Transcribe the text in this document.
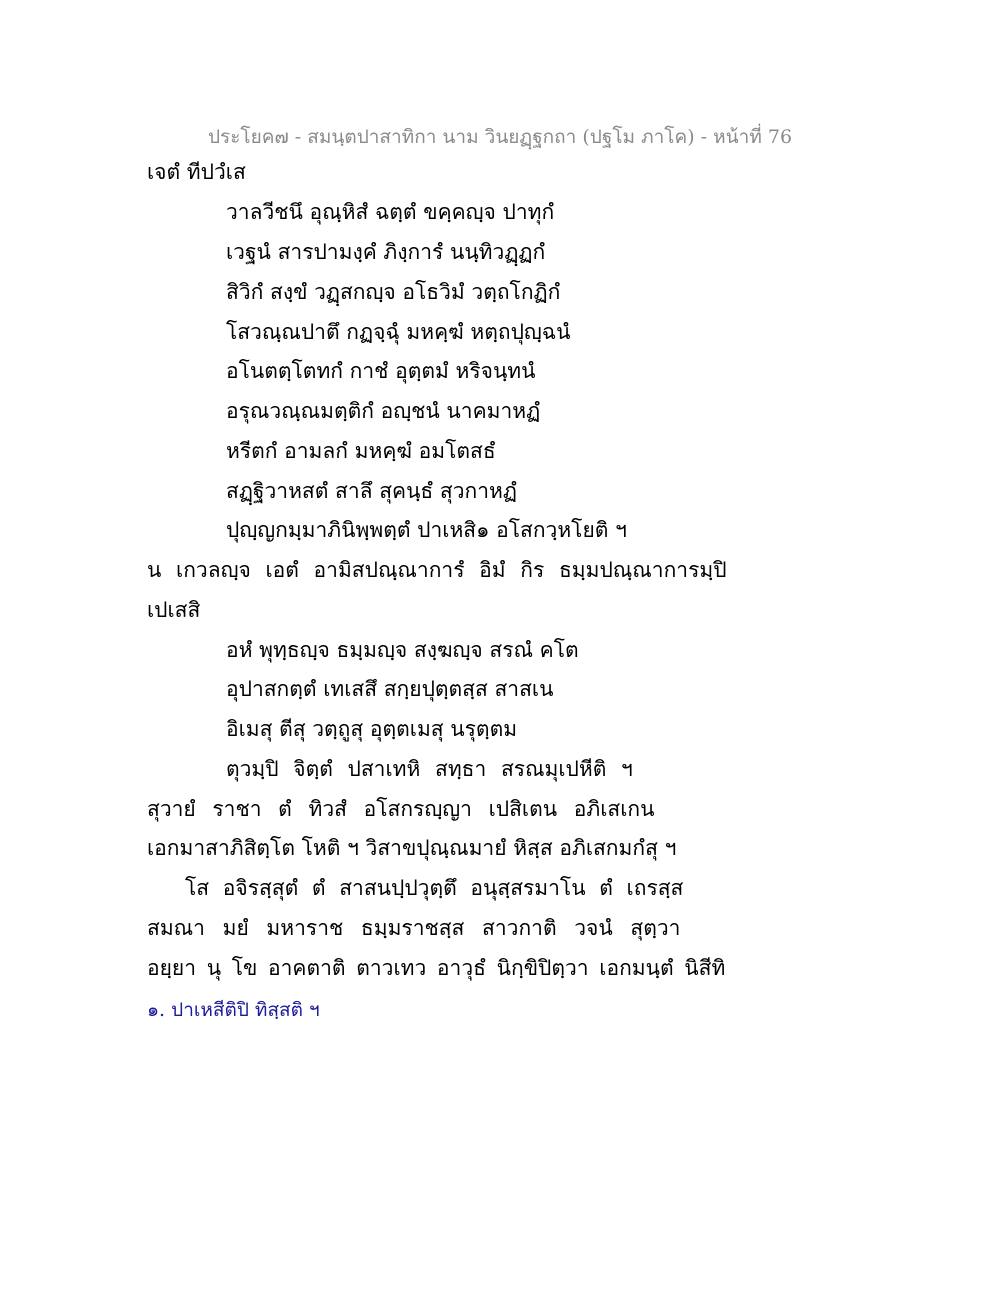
ประโยค๗ - สมนฺตปาสาทิกา นาม วินยฏฺฐกถา (ปฐโม ภาโค) - หน้าที่ 76
เจตํ ทีปวํเส
วาลวีชนึ อุณฺหิสํ ฉตฺตํ ขคฺคญฺจ ปาทุกํ
เวฐนํ สารปามงฺคํ ภิงฺการํ นนฺทิวฏฺฏกํ
สิวิกํ สงฺขํ วฏฺสกญฺจ อโธวิมํ วตฺถโกฏิกํ
โสวณฺณปาตึ กฏจฺฉุํ มหคฺฆํ หตฺถปุญฺฉนํ
อโนตตฺโตทกํ กาชํ อุตฺตมํ หริจนฺทนํ
อรุณวณฺณมตฺติกํ อญฺชนํ นาคมาหฏํ
หรีตกํ อามลกํ มหคฺฆํ อมโตสธํ
สฏฺฐิวาหสตํ สาลึ สุคนฺธํ สุวกาหฏํ
ปุญฺญกมฺมาภินิพฺพตฺตํ ปาเหสิ๑ อโสกวฺหโยติ ฯ
น เกวลญฺจ เอตํ อามิสปณฺณาการํ อิมํ กิร ธมฺมปณฺณาการมฺปิ
เปเสสิ
อหํ พุทฺธญฺจ ธมฺมญฺจ สงฺฆญฺจ สรณํ คโต
อุปาสกตฺตํ เทเสสึ สกฺยปุตฺตสฺส สาสเน
อิเมสุ ตีสุ วตฺถูสุ อุตฺตเมสุ นรุตฺตม
ตุวมฺปิ จิตฺตํ ปสาเทหิ สทฺธา สรณมุเปหีติ ฯ
สุวายํ ราชา ตํ ทิวสํ อโสกรญฺญา เปสิเตน อภิเสเกน
เอกมาสาภิสิตฺโต โหติ ฯ วิสาขปุณฺณมายํ หิสฺส อภิเสกมกํสุ ฯ
โส อจิรสฺสุตํ ตํ สาสนปฺปวุตฺตึ อนุสฺสรมาโน ตํ เถรสฺส
สมณา มยํ มหาราช ธมฺมราชสฺส สาวกาติ วจนํ สุตฺวา
อยฺยา นุ โข อาคตาติ ตาวเทว อาวุธํ นิกฺขิปิตฺวา เอกมนฺตํ นิสีทิ
๑. ปาเหสีติปิ ทิสฺสติ ฯ
